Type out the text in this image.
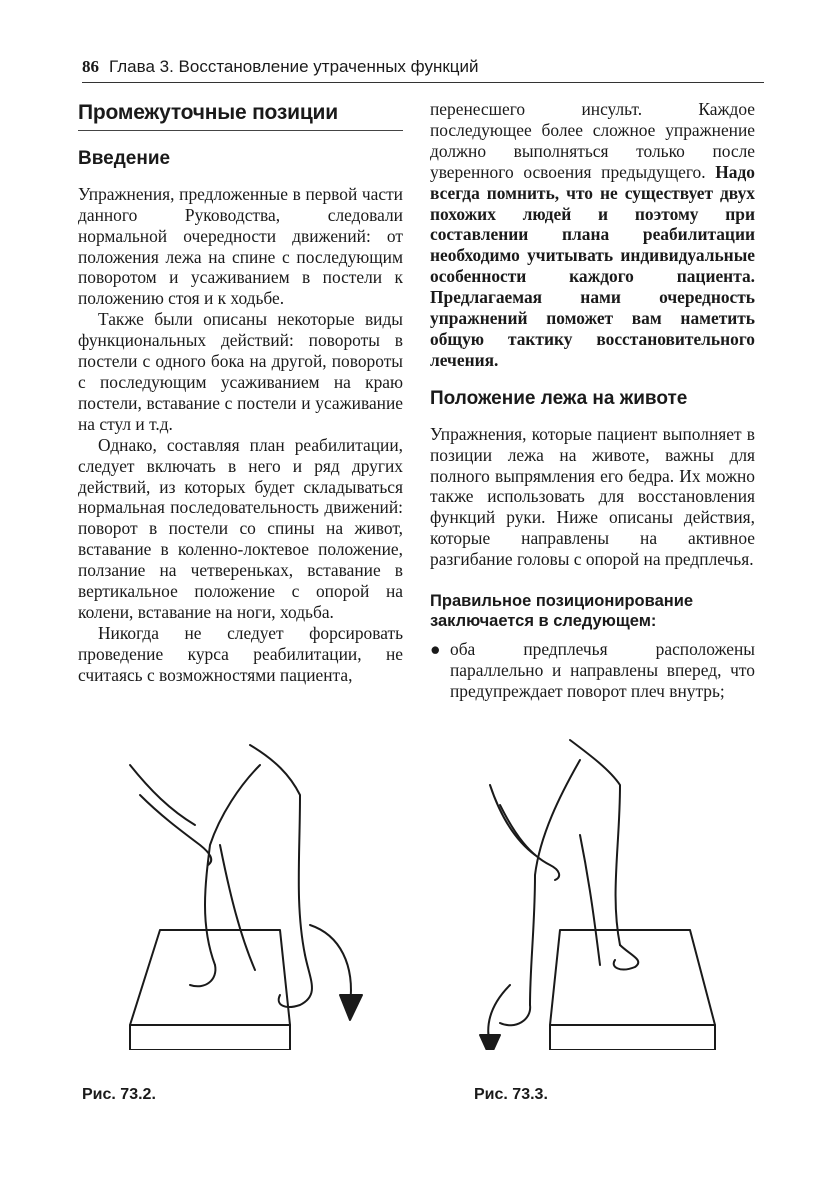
86 Глава 3. Восстановление утраченных функций
Промежуточные позиции
Введение

Упражнения, предложенные в первой части данного Руководства, следовали нормальной очередности движений: от положения лежа на спине с последующим поворотом и усаживанием в постели к положению стоя и к ходьбе.

Также были описаны некоторые виды функциональных действий: повороты в постели с одного бока на другой, повороты с последующим усаживанием на краю постели, вставание с постели и усаживание на стул и т.д.

Однако, составляя план реабилитации, следует включать в него и ряд других действий, из которых будет складываться нормальная последовательность движений: поворот в постели со спины на живот, вставание в коленно-локтевое положение, ползание на четвереньках, вставание в вертикальное положение с опорой на колени, вставание на ноги, ходьба.

Никогда не следует форсировать проведение курса реабилитации, не считаясь с возможностями пациента,

перенесшего инсульт. Каждое последующее более сложное упражнение должно выполняться только после уверенного освоения предыдущего. Надо всегда помнить, что не существует двух похожих людей и поэтому при составлении плана реабилитации необходимо учитывать индивидуальные особенности каждого пациента. Предлагаемая нами очередность упражнений поможет вам наметить общую тактику восстановительного лечения.

Положение лежа на животе

Упражнения, которые пациент выполняет в позиции лежа на животе, важны для полного выпрямления его бедра. Их можно также использовать для восстановления функций руки. Ниже описаны действия, которые направлены на активное разгибание головы с опорой на предплечья.

Правильное позиционирование заключается в следующем:
● оба предплечья расположены параллельно и направлены вперед, что предупреждает поворот плеч внутрь;
Рис. 73.2.	Рис. 73.3.
